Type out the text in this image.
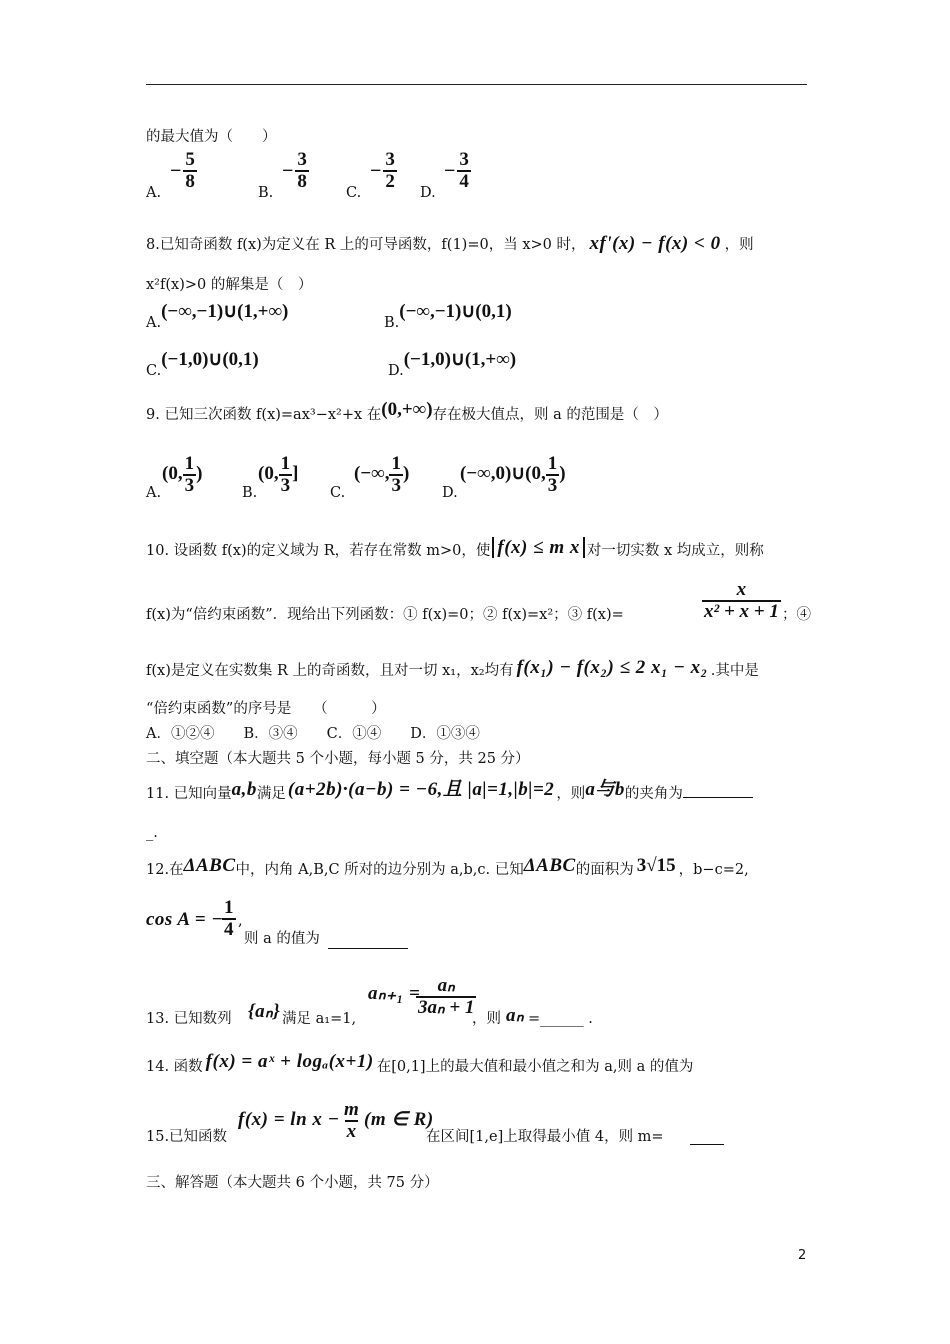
的最大值为（　　）
A.
− $\frac{5}{8}$
B.
− $\frac{3}{8}$
C.
− $\frac{3}{2}$
D.
− $\frac{3}{4}$
8.已知奇函数 f(x)为定义在 R 上的可导函数，f(1)=0，当 x>0 时， xf'(x) − f(x) < 0 ，则
x²f(x)>0 的解集是（　）
A.(−∞,−1)∪(1,+∞)
B.(−∞,−1)∪(0,1)
C.(−1,0)∪(0,1)
D.(−1,0)∪(1,+∞)
9. 已知三次函数 f(x)=ax³−x²+x 在(0,+∞)存在极大值点，则 a 的范围是（　）
A.
(0, $\frac{1}{3}$ )
B.
(0, $\frac{1}{3}$ ]
C.
(−∞, $\frac{1}{3}$ )
D.
(−∞,0)∪(0, $\frac{1}{3}$ )
10. 设函数 f(x)的定义域为 R，若存在常数 m>0，使 f(x) ≤ m x 对一切实数 x 均成立，则称
f(x)为“倍约束函数”．现给出下列函数：① f(x)=0；② f(x)=x²；③ f(x)=	$\frac{x}{\text{x² + x + 1}}$ ；④
f(x)是定义在实数集 R 上的奇函数，且对一切 x₁，x₂均有 f(x₁) − f(x₂) ≤ 2 x₁ − x₂ .其中是
“倍约束函数”的序号是　　（　　　）
A．①②④　　B．③④　　C．①④　　D．①③④
二、填空题（本大题共 5 个小题，每小题 5 分，共 25 分）
11. 已知向量a,b满足 (a+2b)·(a−b) = −6,且 |a|=1,|b|=2 ，则a与b的夹角为
_.
12.在ΔABC中，内角 A,B,C 所对的边分别为 a,b,c. 已知ΔABC的面积为 3√15 ，b−c=2,
cos A = −
$\frac{1}{4}$ ,
则 a 的值为
13. 已知数列 {aₙ} 满足 a₁=1,
aₙ₊₁ =
$\frac{\text{aₙ}}{\text{3aₙ + 1}}$
，则 aₙ =______ .
14. 函数 f(x) = aˣ + logₐ(x+1) 在[0,1]上的最大值和最小值之和为 a,则 a 的值为
15.已知函数
$f(x) = \ln x - \frac{m}{x} (m$ ∈ R)
在区间[1,e]上取得最小值 4，则 m=
三、解答题（本大题共 6 个小题，共 75 分）
2
